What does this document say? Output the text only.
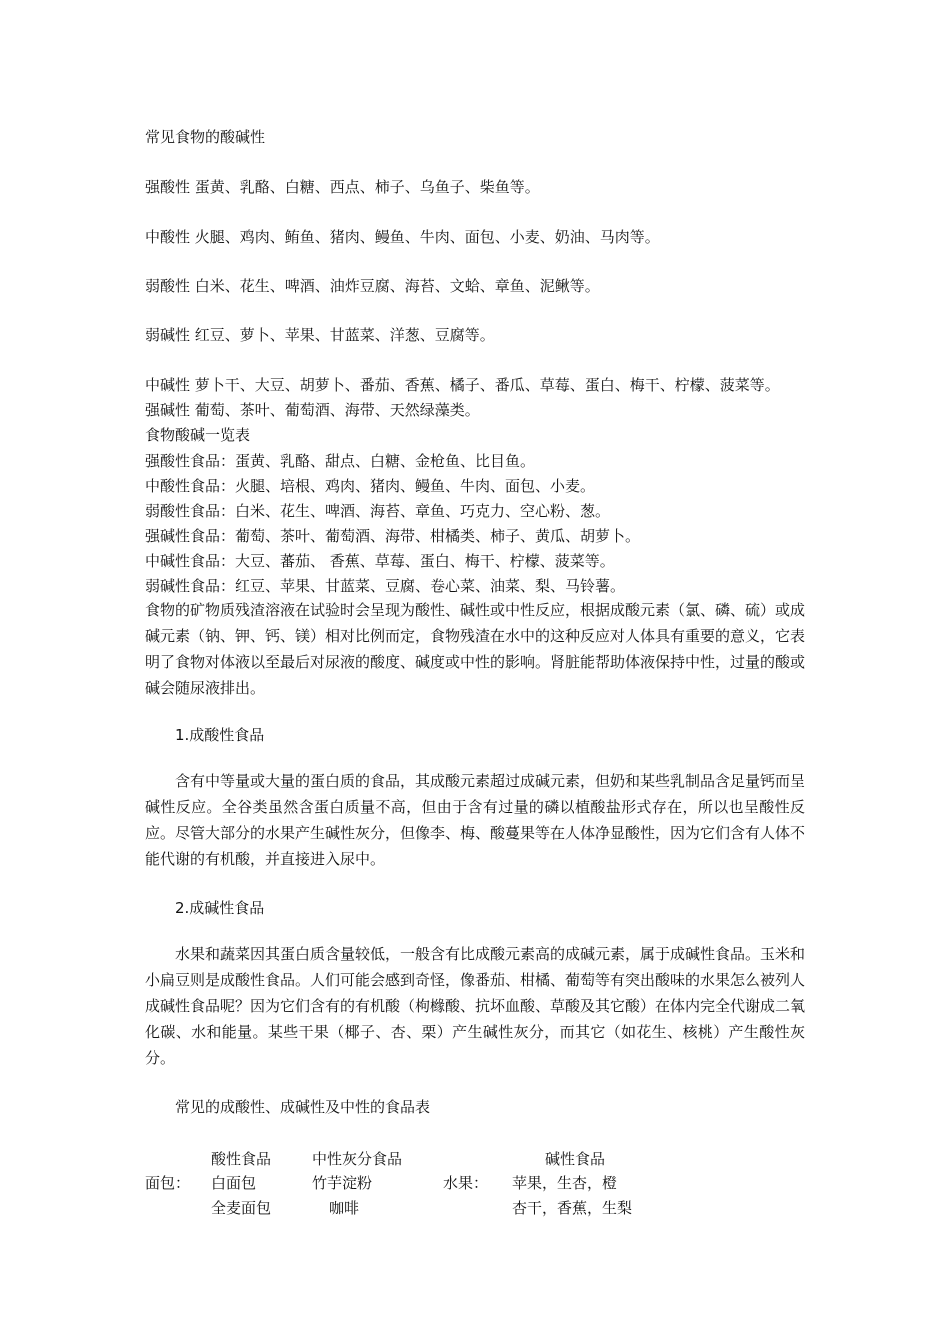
常见食物的酸碱性
强酸性 蛋黄、乳酪、白糖、西点、柿子、乌鱼子、柴鱼等。
中酸性 火腿、鸡肉、鲔鱼、猪肉、鳗鱼、牛肉、面包、小麦、奶油、马肉等。
弱酸性 白米、花生、啤酒、油炸豆腐、海苔、文蛤、章鱼、泥鳅等。
弱碱性 红豆、萝卜、苹果、甘蓝菜、洋葱、豆腐等。
中碱性 萝卜干、大豆、胡萝卜、番茄、香蕉、橘子、番瓜、草莓、蛋白、梅干、柠檬、菠菜等。
强碱性 葡萄、茶叶、葡萄酒、海带、天然绿藻类。
食物酸碱一览表
强酸性食品：蛋黄、乳酪、甜点、白糖、金枪鱼、比目鱼。
中酸性食品：火腿、培根、鸡肉、猪肉、鳗鱼、牛肉、面包、小麦。
弱酸性食品：白米、花生、啤酒、海苔、章鱼、巧克力、空心粉、葱。
强碱性食品：葡萄、茶叶、葡萄酒、海带、柑橘类、柿子、黄瓜、胡萝卜。
中碱性食品：大豆、蕃茄、 香蕉、草莓、蛋白、梅干、柠檬、菠菜等。
弱碱性食品：红豆、苹果、甘蓝菜、豆腐、卷心菜、油菜、梨、马铃薯。
食物的矿物质残渣溶液在试验时会呈现为酸性、碱性或中性反应，根据成酸元素（氯、磷、硫）或成碱元素（钠、钾、钙、镁）相对比例而定，食物残渣在水中的这种反应对人体具有重要的意义，它表明了食物对体液以至最后对尿液的酸度、碱度或中性的影响。肾脏能帮助体液保持中性，过量的酸或碱会随尿液排出。
1.成酸性食品
含有中等量或大量的蛋白质的食品，其成酸元素超过成碱元素，但奶和某些乳制品含足量钙而呈碱性反应。全谷类虽然含蛋白质量不高，但由于含有过量的磷以植酸盐形式存在，所以也呈酸性反应。尽管大部分的水果产生碱性灰分，但像李、梅、酸蔓果等在人体净显酸性，因为它们含有人体不能代谢的有机酸，并直接进入尿中。
2.成碱性食品
水果和蔬菜因其蛋白质含量较低，一般含有比成酸元素高的成碱元素，属于成碱性食品。玉米和小扁豆则是成酸性食品。人们可能会感到奇怪，像番茄、柑橘、葡萄等有突出酸味的水果怎么被列人成碱性食品呢？因为它们含有的有机酸（枸橼酸、抗坏血酸、草酸及其它酸）在体内完全代谢成二氧化碳、水和能量。某些干果（椰子、杏、栗）产生碱性灰分，而其它（如花生、核桃）产生酸性灰分。
常见的成酸性、成碱性及中性的食品表
酸性食品	中性灰分食品	碱性食品
面包： 白面包	竹芋淀粉	水果： 苹果，生杏，橙
全麦面包	咖啡	杏干，香蕉，生梨
